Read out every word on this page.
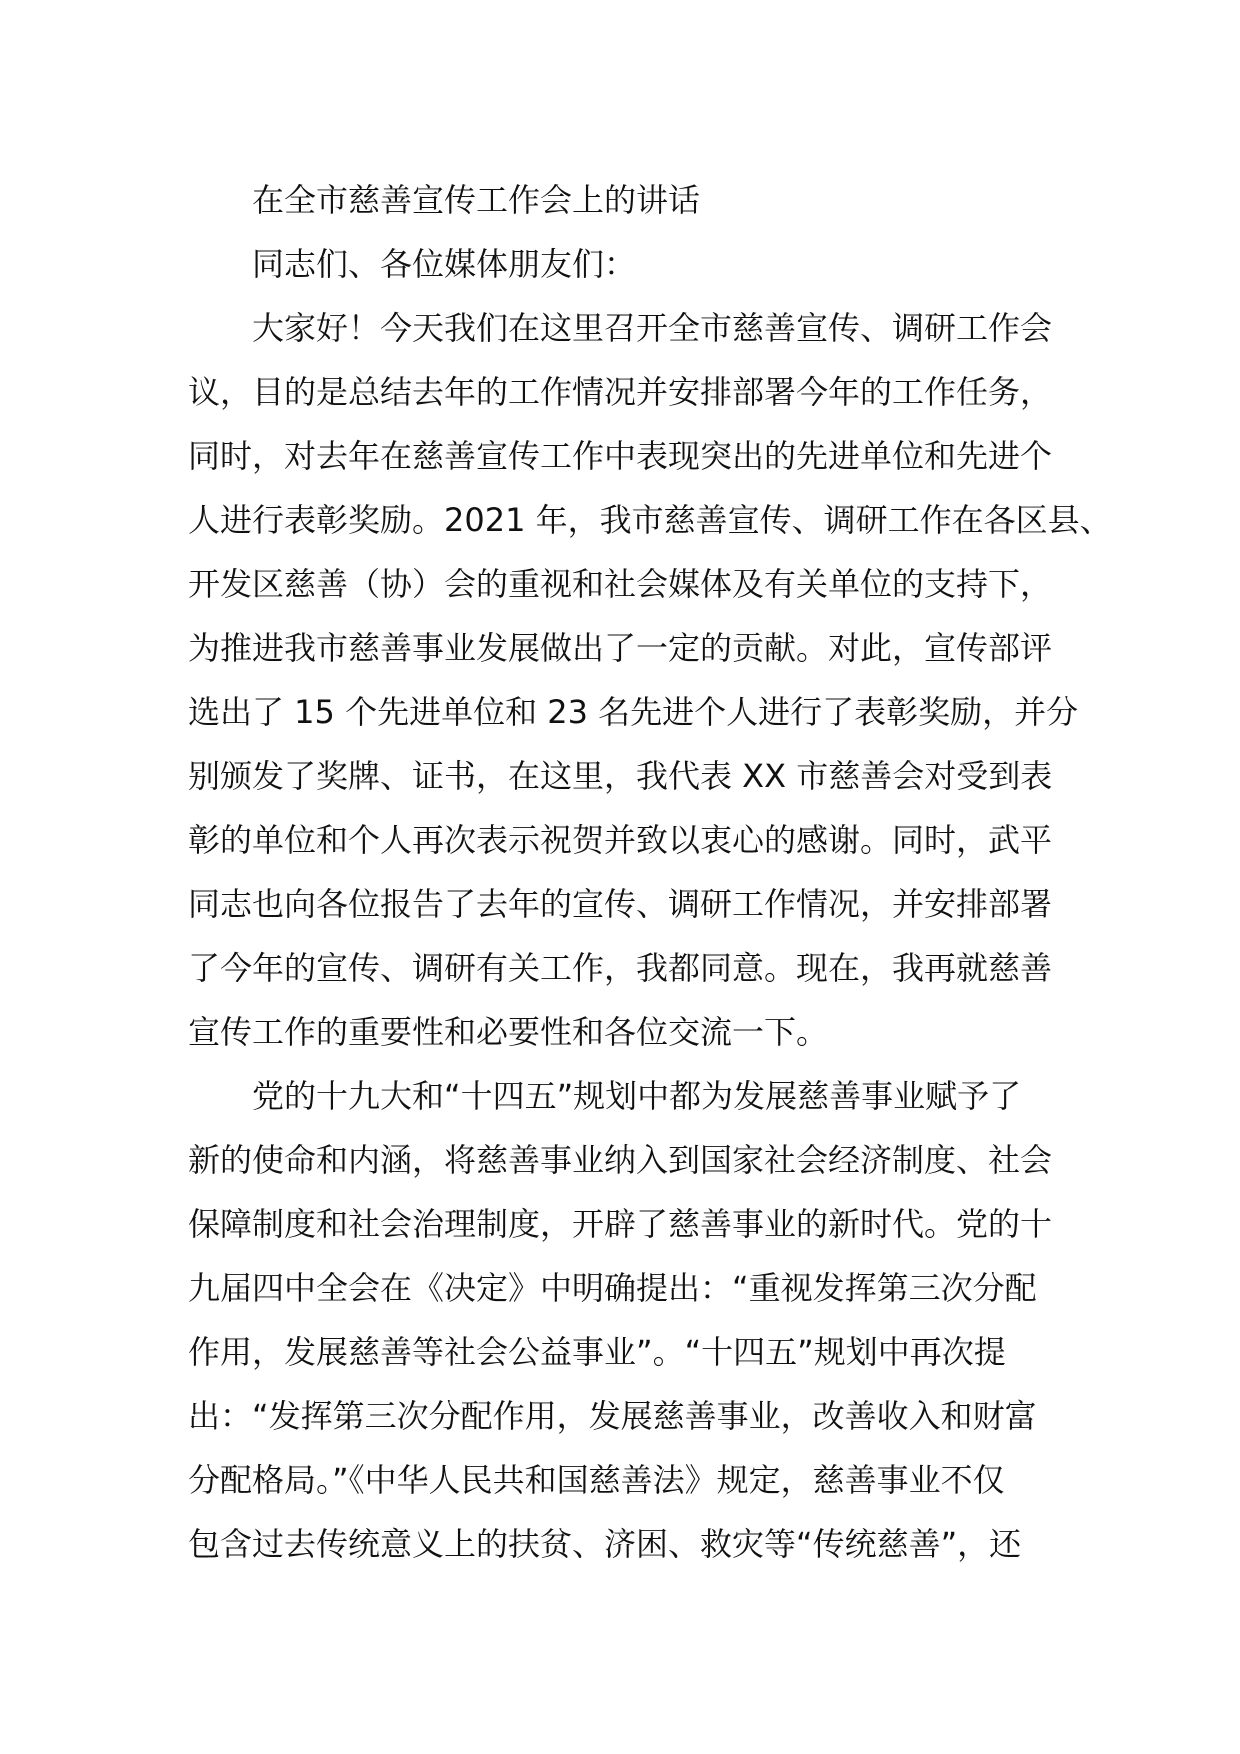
在全市慈善宣传工作会上的讲话
同志们、各位媒体朋友们：
大家好！今天我们在这里召开全市慈善宣传、调研工作会
议，目的是总结去年的工作情况并安排部署今年的工作任务，
同时，对去年在慈善宣传工作中表现突出的先进单位和先进个
人进行表彰奖励。2021 年，我市慈善宣传、调研工作在各区县、
开发区慈善（协）会的重视和社会媒体及有关单位的支持下，
为推进我市慈善事业发展做出了一定的贡献。对此，宣传部评
选出了 15 个先进单位和 23 名先进个人进行了表彰奖励，并分
别颁发了奖牌、证书，在这里，我代表 XX 市慈善会对受到表
彰的单位和个人再次表示祝贺并致以衷心的感谢。同时，武平
同志也向各位报告了去年的宣传、调研工作情况，并安排部署
了今年的宣传、调研有关工作，我都同意。现在，我再就慈善
宣传工作的重要性和必要性和各位交流一下。
党的十九大和“十四五”规划中都为发展慈善事业赋予了
新的使命和内涵，将慈善事业纳入到国家社会经济制度、社会
保障制度和社会治理制度，开辟了慈善事业的新时代。党的十
九届四中全会在《决定》中明确提出：“重视发挥第三次分配
作用，发展慈善等社会公益事业”。“十四五”规划中再次提
出：“发挥第三次分配作用，发展慈善事业，改善收入和财富
分配格局。”《中华人民共和国慈善法》规定，慈善事业不仅
包含过去传统意义上的扶贫、济困、救灾等“传统慈善”，还
